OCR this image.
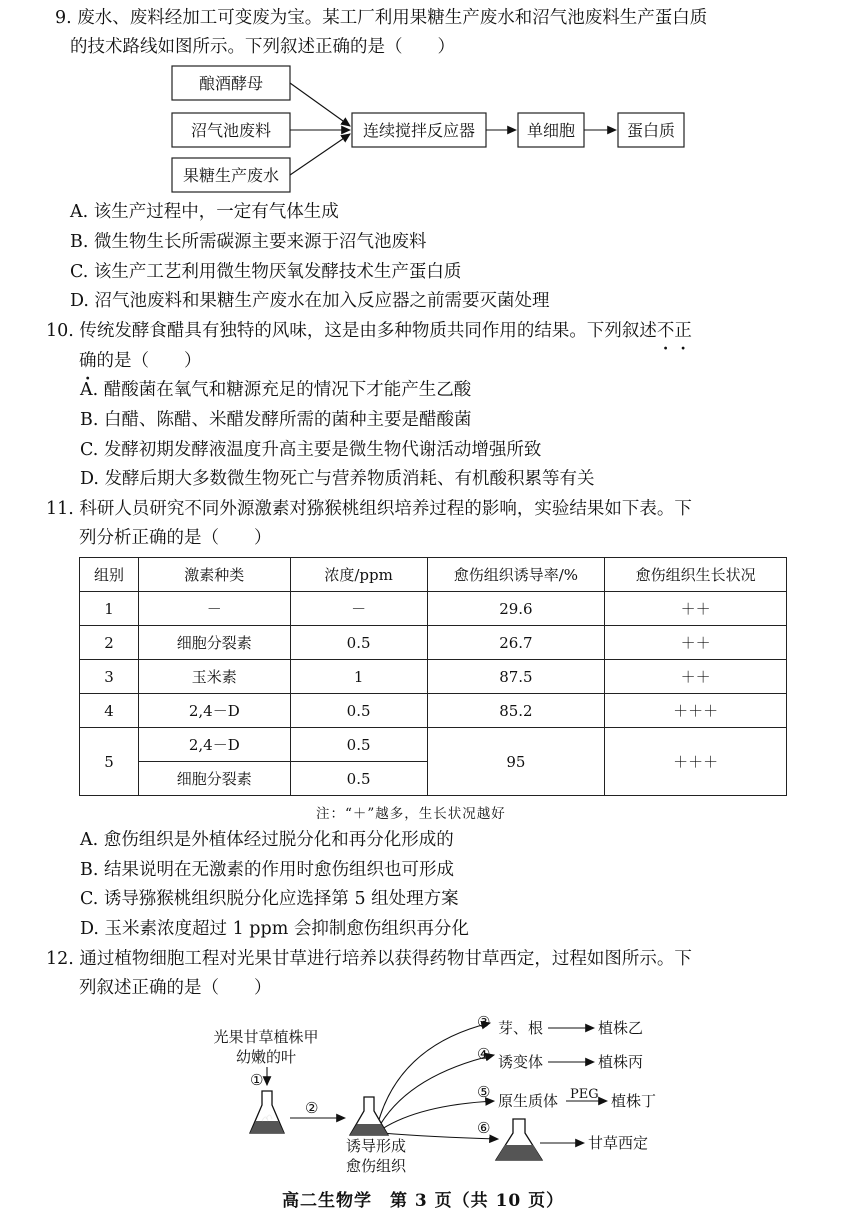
9. 废水、废料经加工可变废为宝。某工厂利用果糖生产废水和沼气池废料生产蛋白质
的技术路线如图所示。下列叙述正确的是（　　）
酿酒酵母
沼气池废料
果糖生产废水
连续搅拌反应器	单细胞	蛋白质
A. 该生产过程中，一定有气体生成
B. 微生物生长所需碳源主要来源于沼气池废料
C. 该生产工艺利用微生物厌氧发酵技术生产蛋白质
D. 沼气池废料和果糖生产废水在加入反应器之前需要灭菌处理
10. 传统发酵食醋具有独特的风味，这是由多种物质共同作用的结果。下列叙述不正
确的是（　　）
A. 醋酸菌在氧气和糖源充足的情况下才能产生乙酸
B. 白醋、陈醋、米醋发酵所需的菌种主要是醋酸菌
C. 发酵初期发酵液温度升高主要是微生物代谢活动增强所致
D. 发酵后期大多数微生物死亡与营养物质消耗、有机酸积累等有关
11. 科研人员研究不同外源激素对猕猴桃组织培养过程的影响，实验结果如下表。下
列分析正确的是（　　）
组别	激素种类	浓度/ppm	愈伤组织诱导率/%	愈伤组织生长状况
1	－	－	29.6	＋＋
2	细胞分裂素	0.5	26.7	＋＋
3	玉米素	1	87.5	＋＋
4	2,4－D	0.5	85.2	＋＋＋
5	2,4－D	0.5	95	＋＋＋
	细胞分裂素	0.5		
注：“＋”越多，生长状况越好
A. 愈伤组织是外植体经过脱分化和再分化形成的
B. 结果说明在无激素的作用时愈伤组织也可形成
C. 诱导猕猴桃组织脱分化应选择第 5 组处理方案
D. 玉米素浓度超过 1 ppm 会抑制愈伤组织再分化
12. 通过植物细胞工程对光果甘草进行培养以获得药物甘草西定，过程如图所示。下
列叙述正确的是（　　）
光果甘草植株甲
幼嫩的叶
①
②
③
④
⑤
⑥
诱导形成
愈伤组织
芽、根	植株乙
诱变体	植株丙
原生质体 PEG 植株丁
甘草西定
高二生物学　第 3 页（共 10 页）
